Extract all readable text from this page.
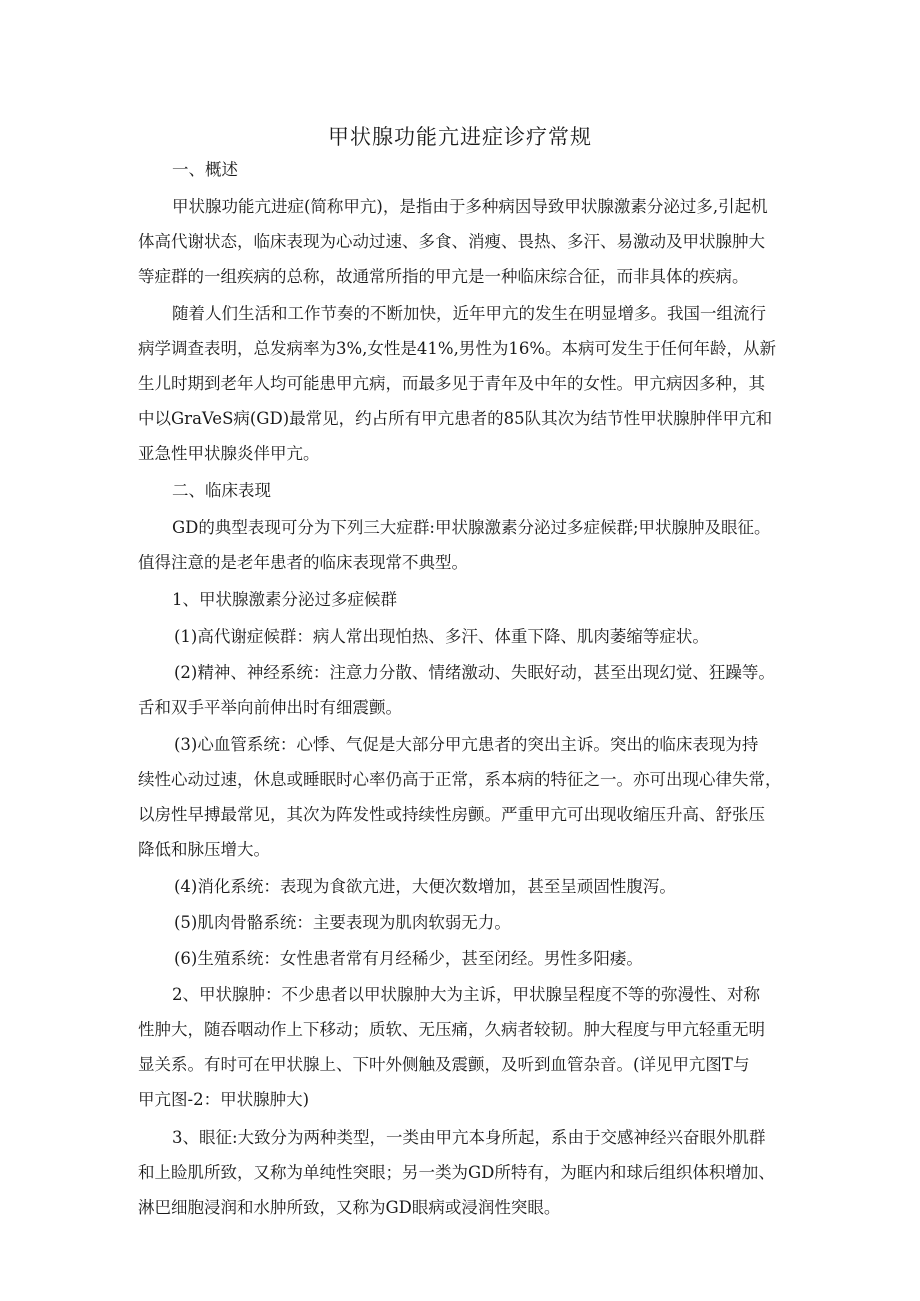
甲状腺功能亢进症诊疗常规
一、概述
甲状腺功能亢进症(简称甲亢)，是指由于多种病因导致甲状腺激素分泌过多,引起机
体高代谢状态，临床表现为心动过速、多食、消瘦、畏热、多汗、易激动及甲状腺肿大
等症群的一组疾病的总称，故通常所指的甲亢是一种临床综合征，而非具体的疾病。
随着人们生活和工作节奏的不断加快，近年甲亢的发生在明显增多。我国一组流行
病学调查表明，总发病率为3%,女性是41%,男性为16%。本病可发生于任何年龄，从新
生儿时期到老年人均可能患甲亢病，而最多见于青年及中年的女性。甲亢病因多种，其
中以GraVeS病(GD)最常见，约占所有甲亢患者的85队其次为结节性甲状腺肿伴甲亢和
亚急性甲状腺炎伴甲亢。
二、临床表现
GD的典型表现可分为下列三大症群:甲状腺激素分泌过多症候群;甲状腺肿及眼征。
值得注意的是老年患者的临床表现常不典型。
1、甲状腺激素分泌过多症候群
(1)高代谢症候群：病人常出现怕热、多汗、体重下降、肌肉萎缩等症状。
(2)精神、神经系统：注意力分散、情绪激动、失眠好动，甚至出现幻觉、狂躁等。
舌和双手平举向前伸出时有细震颤。
(3)心血管系统：心悸、气促是大部分甲亢患者的突出主诉。突出的临床表现为持
续性心动过速，休息或睡眠时心率仍高于正常，系本病的特征之一。亦可出现心律失常，
以房性早搏最常见，其次为阵发性或持续性房颤。严重甲亢可出现收缩压升高、舒张压
降低和脉压增大。
(4)消化系统：表现为食欲亢进，大便次数增加，甚至呈顽固性腹泻。
(5)肌肉骨骼系统：主要表现为肌肉软弱无力。
(6)生殖系统：女性患者常有月经稀少，甚至闭经。男性多阳痿。
2、甲状腺肿：不少患者以甲状腺肿大为主诉，甲状腺呈程度不等的弥漫性、对称
性肿大，随吞咽动作上下移动；质软、无压痛，久病者较韧。肿大程度与甲亢轻重无明
显关系。有时可在甲状腺上、下叶外侧触及震颤，及听到血管杂音。(详见甲亢图T与
甲亢图-2：甲状腺肿大)
3、眼征:大致分为两种类型，一类由甲亢本身所起，系由于交感神经兴奋眼外肌群
和上睑肌所致，又称为单纯性突眼；另一类为GD所特有，为眶内和球后组织体积增加、
淋巴细胞浸润和水肿所致，又称为GD眼病或浸润性突眼。
